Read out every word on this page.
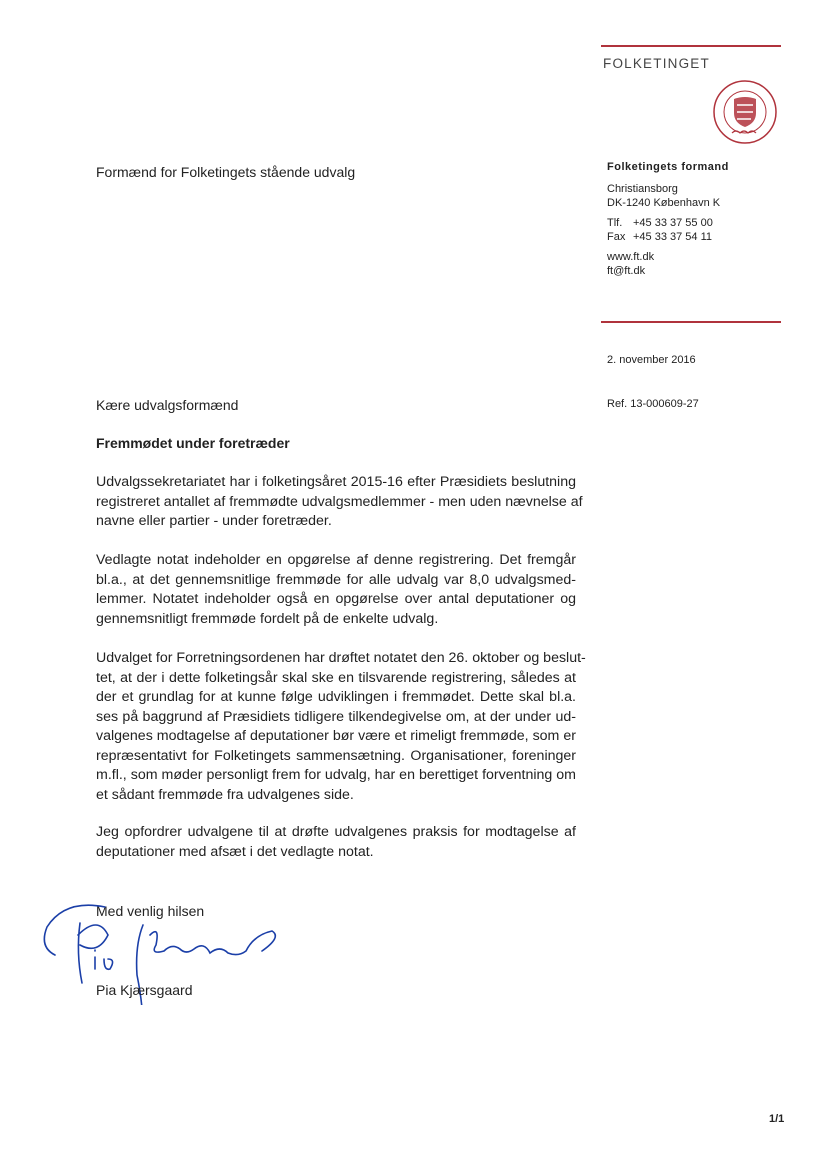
FOLKETINGET
Folketingets formand
Christiansborg
DK-1240 København K
Tlf. +45 33 37 55 00
Fax +45 33 37 54 11
www.ft.dk
ft@ft.dk
2. november 2016
Ref. 13-000609-27
Formænd for Folketingets stående udvalg
Kære udvalgsformænd
Fremmødet under foretræder
Udvalgssekretariatet har i folketingsåret 2015-16 efter Præsidiets beslutning
registreret antallet af fremmødte udvalgsmedlemmer - men uden nævnelse af
navne eller partier - under foretræder.
Vedlagte notat indeholder en opgørelse af denne registrering. Det fremgår
bl.a., at det gennemsnitlige fremmøde for alle udvalg var 8,0 udvalgsmed-
lemmer. Notatet indeholder også en opgørelse over antal deputationer og
gennemsnitligt fremmøde fordelt på de enkelte udvalg.
Udvalget for Forretningsordenen har drøftet notatet den 26. oktober og beslut-
tet, at der i dette folketingsår skal ske en tilsvarende registrering, således at
der et grundlag for at kunne følge udviklingen i fremmødet. Dette skal bl.a.
ses på baggrund af Præsidiets tidligere tilkendegivelse om, at der under ud-
valgenes modtagelse af deputationer bør være et rimeligt fremmøde, som er
repræsentativt for Folketingets sammensætning. Organisationer, foreninger
m.fl., som møder personligt frem for udvalg, har en berettiget forventning om
et sådant fremmøde fra udvalgenes side.
Jeg opfordrer udvalgene til at drøfte udvalgenes praksis for modtagelse af
deputationer med afsæt i det vedlagte notat.
Med venlig hilsen
Pia Kjærsgaard
1/1
